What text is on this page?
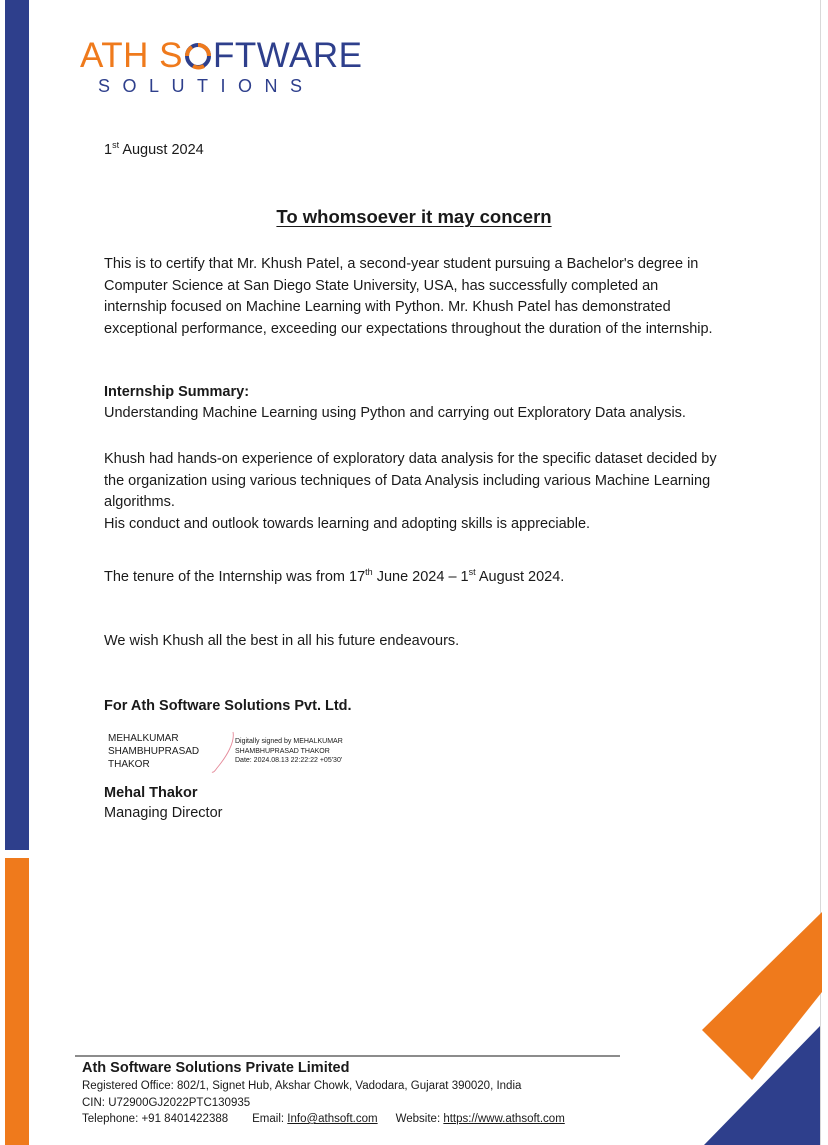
ATH S FTWARE
SOLUTIONS
1st August 2024
To whomsoever it may concern
This is to certify that Mr. Khush Patel, a second-year student pursuing a Bachelor's degree in Computer Science at San Diego State University, USA, has successfully completed an internship focused on Machine Learning with Python. Mr. Khush Patel has demonstrated exceptional performance, exceeding our expectations throughout the duration of the internship.
Internship Summary:
Understanding Machine Learning using Python and carrying out Exploratory Data analysis.
Khush had hands-on experience of exploratory data analysis for the specific dataset decided by the organization using various techniques of Data Analysis including various Machine Learning algorithms.
His conduct and outlook towards learning and adopting skills is appreciable.
The tenure of the Internship was from 17th June 2024 – 1st August 2024.
We wish Khush all the best in all his future endeavours.
For Ath Software Solutions Pvt. Ltd.
MEHALKUMAR
SHAMBHUPRASAD
THAKOR
Digitally signed by MEHALKUMAR
SHAMBHUPRASAD THAKOR
Date: 2024.08.13 22:22:22 +05'30'
Mehal Thakor
Managing Director
Ath Software Solutions Private Limited
Registered Office: 802/1, Signet Hub, Akshar Chowk, Vadodara, Gujarat 390020, India
CIN: U72900GJ2022PTC130935
Telephone: +91 8401422388 Email: Info@athsoft.com Website: https://www.athsoft.com
